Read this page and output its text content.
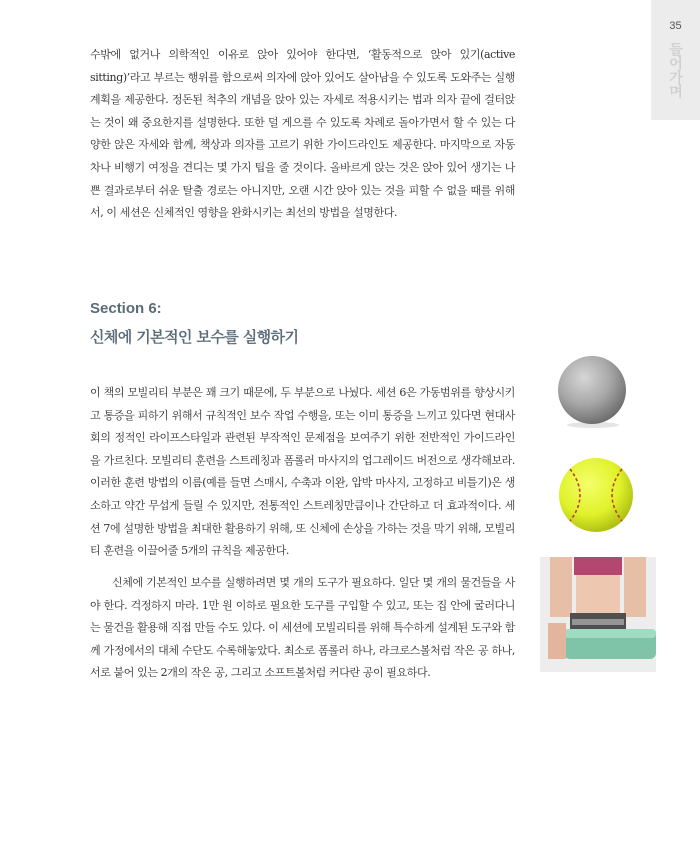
35
들어가며

수밖에 없거나 의학적인 이유로 앉아 있어야 한다면, ‘활동적으로 앉아 있기(active sitting)’라고 부르는 행위를 함으로써 의자에 앉아 있어도 살아남을 수 있도록 도와주는 실행 계획을 제공한다. 정돈된 척추의 개념을 앉아 있는 자세로 적용시키는 법과 의자 끝에 걸터앉는 것이 왜 중요한지를 설명한다. 또한 덜 게으를 수 있도록 차례로 돌아가면서 할 수 있는 다양한 앉은 자세와 함께, 책상과 의자를 고르기 위한 가이드라인도 제공한다. 마지막으로 자동차나 비행기 여정을 견디는 몇 가지 팁을 줄 것이다. 올바르게 앉는 것은 앉아 있어 생기는 나쁜 결과로부터 쉬운 탈출 경로는 아니지만, 오랜 시간 앉아 있는 것을 피할 수 없을 때를 위해서, 이 세션은 신체적인 영향을 완화시키는 최선의 방법을 설명한다.

Section 6:
신체에 기본적인 보수를 실행하기

이 책의 모빌리티 부분은 꽤 크기 때문에, 두 부분으로 나눴다. 세션 6은 가동범위를 향상시키고 통증을 피하기 위해서 규칙적인 보수 작업 수행을, 또는 이미 통증을 느끼고 있다면 현대사회의 정적인 라이프스타일과 관련된 부작적인 문제점을 보여주기 위한 전반적인 가이드라인을 가르친다. 모빌리티 훈련을 스트레칭과 폼롤러 마사지의 업그레이드 버전으로 생각해보라. 이러한 훈련 방법의 이름(예를 들면 스매시, 수축과 이완, 압박 마사지, 고정하고 비틀기)은 생소하고 약간 무섭게 들릴 수 있지만, 전통적인 스트레칭만큼이나 간단하고 더 효과적이다. 세션 7에 설명한 방법을 최대한 활용하기 위해, 또 신체에 손상을 가하는 것을 막기 위해, 모빌리티 훈련을 이끌어줄 5개의 규칙을 제공한다.

신체에 기본적인 보수를 실행하려면 몇 개의 도구가 필요하다. 일단 몇 개의 물건들을 사야 한다. 걱정하지 마라. 1만 원 이하로 필요한 도구를 구입할 수 있고, 또는 집 안에 굴러다니는 물건을 활용해 직접 만들 수도 있다. 이 세션에 모빌리티를 위해 특수하게 설계된 도구와 함께 가정에서의 대체 수단도 수록해놓았다. 최소로 폼롤러 하나, 라크로스볼처럼 작은 공 하나, 서로 붙어 있는 2개의 작은 공, 그리고 소프트볼처럼 커다란 공이 필요하다.
